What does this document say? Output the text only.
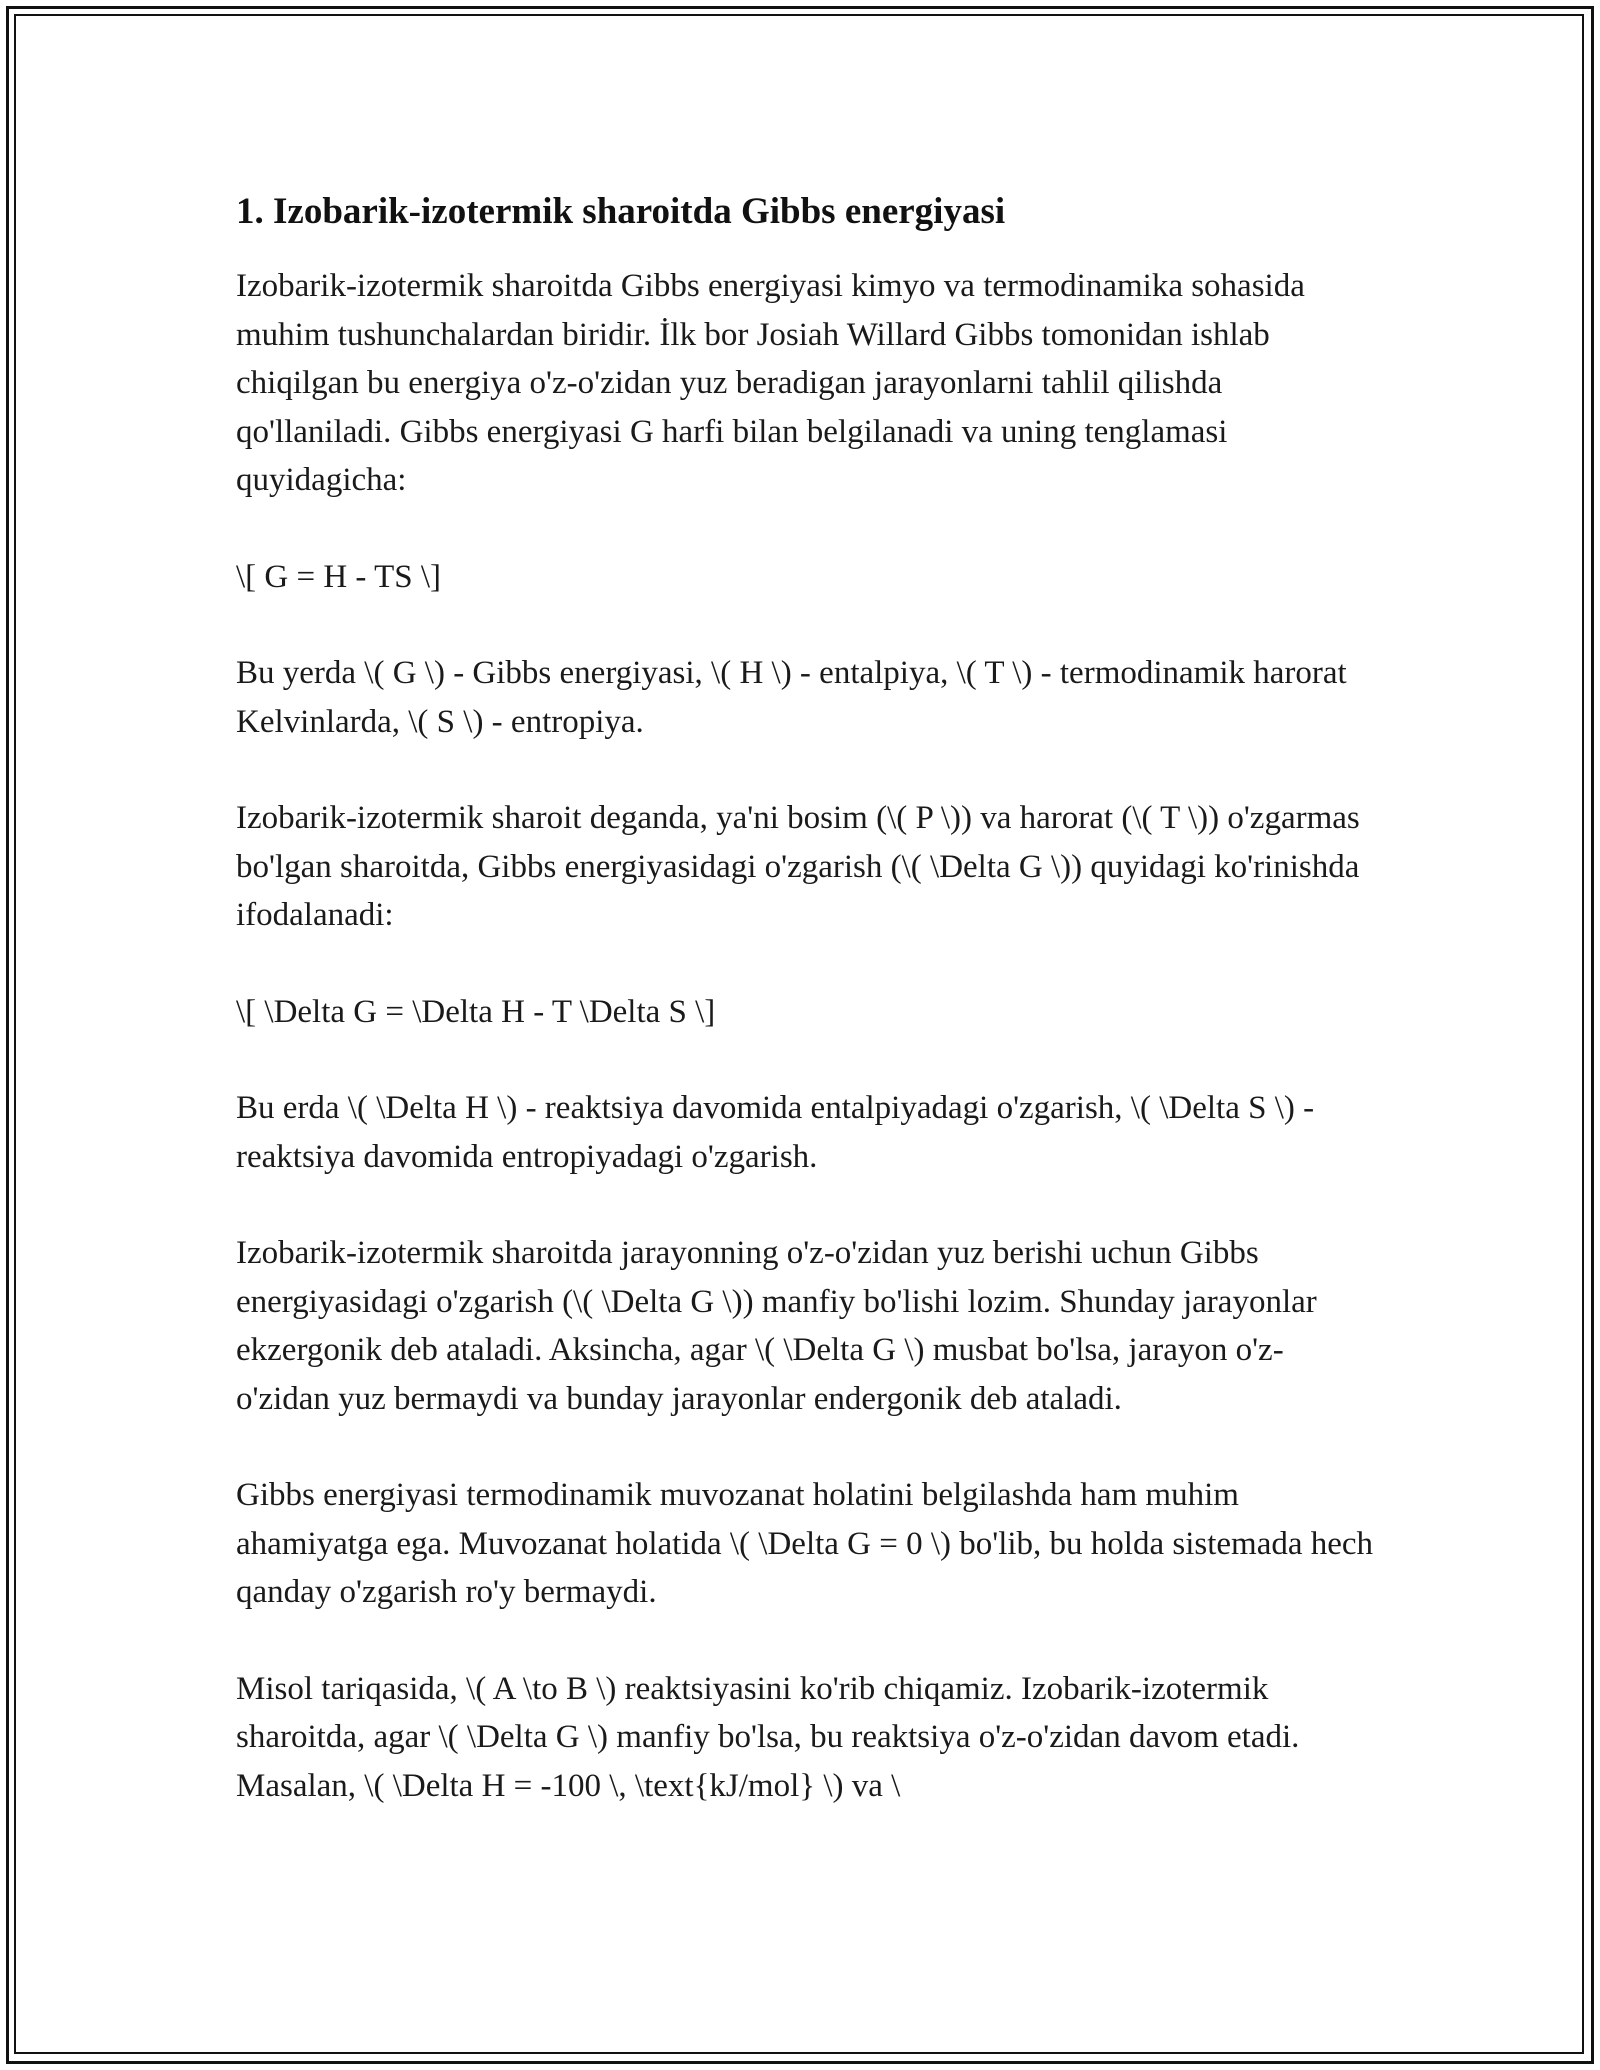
1. Izobarik-izotermik sharoitda Gibbs energiyasi

Izobarik-izotermik sharoitda Gibbs energiyasi kimyo va termodinamika sohasida muhim tushunchalardan biridir. İlk bor Josiah Willard Gibbs tomonidan ishlab chiqilgan bu energiya o'z-o'zidan yuz beradigan jarayonlarni tahlil qilishda qo'llaniladi. Gibbs energiyasi G harfi bilan belgilanadi va uning tenglamasi quyidagicha:

\[ G = H - TS \]

Bu yerda \( G \) - Gibbs energiyasi, \( H \) - entalpiya, \( T \) - termodinamik harorat Kelvinlarda, \( S \) - entropiya.

Izobarik-izotermik sharoit deganda, ya'ni bosim (\( P \)) va harorat (\( T \)) o'zgarmas bo'lgan sharoitda, Gibbs energiyasidagi o'zgarish (\( \Delta G \)) quyidagi ko'rinishda ifodalanadi:

\[ \Delta G = \Delta H - T \Delta S \]

Bu erda \( \Delta H \) - reaktsiya davomida entalpiyadagi o'zgarish, \( \Delta S \) - reaktsiya davomida entropiyadagi o'zgarish.

Izobarik-izotermik sharoitda jarayonning o'z-o'zidan yuz berishi uchun Gibbs energiyasidagi o'zgarish (\( \Delta G \)) manfiy bo'lishi lozim. Shunday jarayonlar ekzergonik deb ataladi. Aksincha, agar \( \Delta G \) musbat bo'lsa, jarayon o'z-o'zidan yuz bermaydi va bunday jarayonlar endergonik deb ataladi.

Gibbs energiyasi termodinamik muvozanat holatini belgilashda ham muhim ahamiyatga ega. Muvozanat holatida \( \Delta G = 0 \) bo'lib, bu holda sistemada hech qanday o'zgarish ro'y bermaydi.

Misol tariqasida, \( A \to B \) reaktsiyasini ko'rib chiqamiz. Izobarik-izotermik sharoitda, agar \( \Delta G \) manfiy bo'lsa, bu reaktsiya o'z-o'zidan davom etadi. Masalan, \( \Delta H = -100 \, \text{kJ/mol} \) va \
